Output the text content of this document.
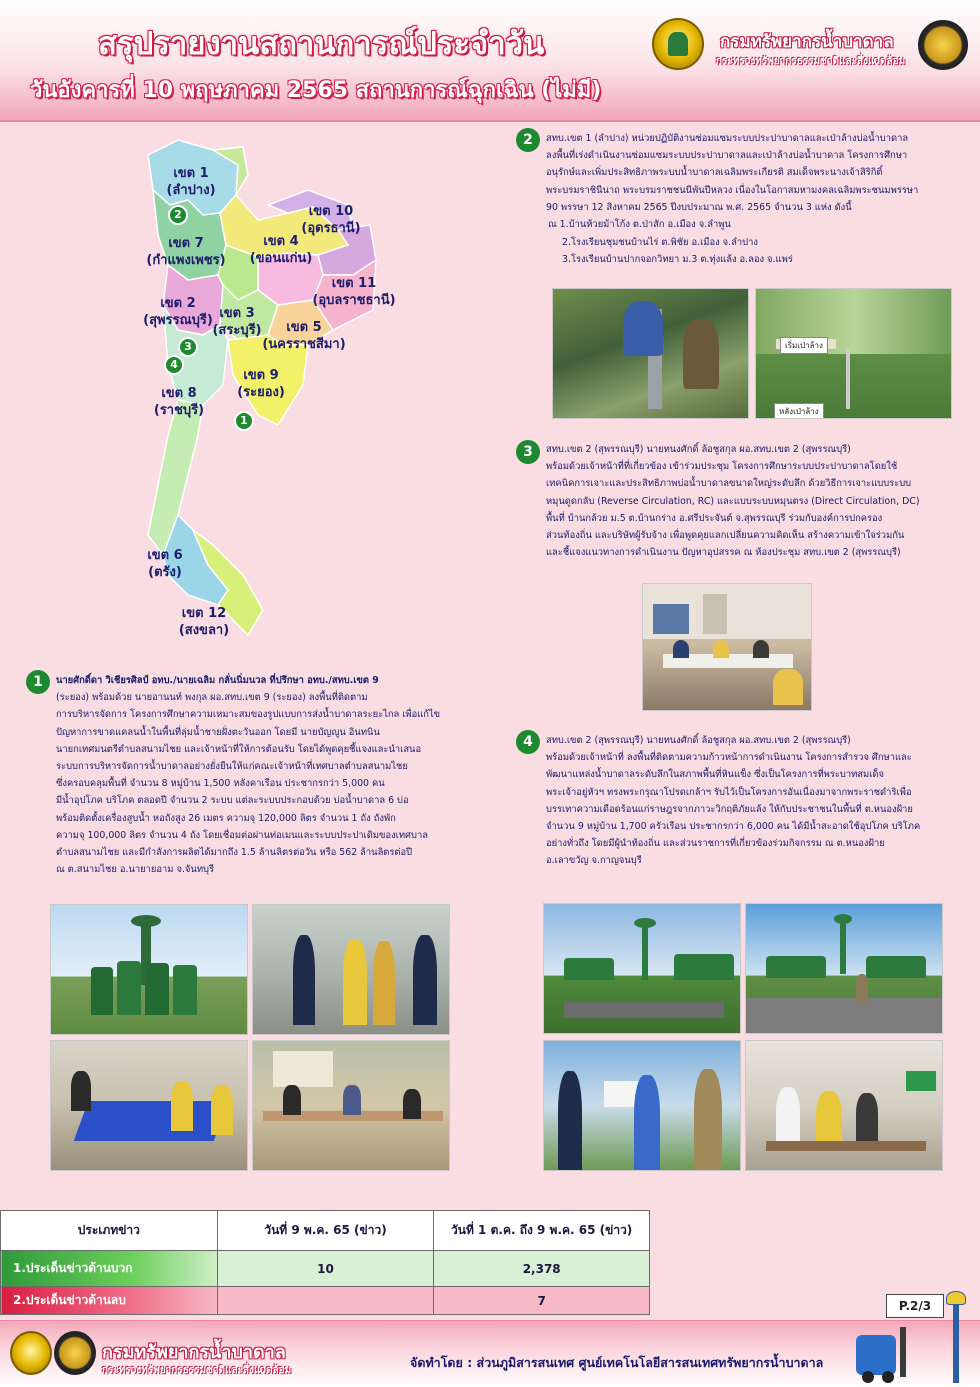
สรุปรายงานสถานการณ์ประจำวัน
วันอังคารที่ 10 พฤษภาคม 2565 สถานการณ์ฉุกเฉิน (ไม่มี)
กรมทรัพยากรน้ำบาดาล
กระทรวงทรัพยากรธรรมชาติและสิ่งแวดล้อม
เขต 1
(ลำปาง)
เขต 10
(อุดรธานี)
เขต 7
(กำแพงเพชร)
เขต 4
(ขอนแก่น)
เขต 11
(อุบลราชธานี)
เขต 2
(สุพรรณบุรี) เขต 3
(สระบุรี)	เขต 5
(นครราชสีมา)
เขต 9
(ระยอง)
เขต 8
(ราชบุรี)
เขต 6
(ตรัง)
เขต 12
(สงขลา)
2
3
4
1
2	สทบ.เขต 1 (ลำปาง) หน่วยปฏิบัติงานซ่อมแซมระบบประปาบาดาลและเป่าล้างบ่อน้ำบาดาล
ลงพื้นที่เร่งดำเนินงานซ่อมแซมระบบประปาบาดาลและเป่าล้างบ่อน้ำบาดาล โครงการศึกษา
อนุรักษ์และเพิ่มประสิทธิภาพระบบน้ำบาดาลเฉลิมพระเกียรติ สมเด็จพระนางเจ้าสิริกิติ์
พระบรมราชินีนาถ พระบรมราชชนนีพันปีหลวง เนื่องในโอกาสมหามงคลเฉลิมพระชนมพรรษา
90 พรรษา 12 สิงหาคม 2565 ปีงบประมาณ พ.ศ. 2565 จำนวน 3 แห่ง ดังนี้
ณ 1.บ้านห้วยม้าโก้ง ต.ป่าสัก อ.เมือง จ.ลำพูน
2.โรงเรียนชุมชนบ้านไร่ ต.พิชัย อ.เมือง จ.ลำปาง
3.โรงเรียนบ้านปากจอกวิทยา ม.3 ต.ทุ่งแล้ง อ.ลอง จ.แพร่
เริ่มเป่าล้าง
หลังเป่าล้าง
3	สทบ.เขต 2 (สุพรรณบุรี) นายทนงศักดิ์ ล้อชูสกุล ผอ.สทบ.เขต 2 (สุพรรณบุรี)
พร้อมด้วยเจ้าหน้าที่ที่เกี่ยวข้อง เข้าร่วมประชุม โครงการศึกษาระบบประปาบาดาลโดยใช้
เทคนิคการเจาะและประสิทธิภาพบ่อน้ำบาดาลขนาดใหญ่ระดับลึก ด้วยวิธีการเจาะแบบระบบ
หมุนดูดกลับ (Reverse Circulation, RC) และแบบระบบหมุนตรง (Direct Circulation, DC)
พื้นที่ บ้านกล้วย ม.5 ต.บ้านกร่าง อ.ศรีประจันต์ จ.สุพรรณบุรี ร่วมกับองค์การปกครอง
ส่วนท้องถิ่น และบริษัทผู้รับจ้าง เพื่อพูดคุยแลกเปลี่ยนความคิดเห็น สร้างความเข้าใจร่วมกัน
และชี้แจงแนวทางการดำเนินงาน ปัญหาอุปสรรค ณ ห้องประชุม สทบ.เขต 2 (สุพรรณบุรี)
1	นายศักดิ์ดา วิเชียรศิลป์ อทบ./นายเฉลิม กลั่นนิ่มนวล ที่ปรึกษา อทบ./สทบ.เขต 9
(ระยอง) พร้อมด้วย นายอานนท์ พงกุล ผอ.สทบ.เขต 9 (ระยอง) ลงพื้นที่ติดตาม
การบริหารจัดการ โครงการศึกษาความเหมาะสมของรูปแบบการส่งน้ำบาดาลระยะไกล เพื่อแก้ไข
ปัญหาการขาดแคลนน้ำในพื้นที่ลุ่มน้ำชายฝั่งตะวันออก โดยมี นายบัญญูน อินทนิน
นายกเทศมนตรีตำบลสนามไชย และเจ้าหน้าที่ให้การต้อนรับ โดยได้พูดคุยชี้แจงและนำเสนอ
ระบบการบริหารจัดการน้ำบาดาลอย่างยั่งยืนให้แก่คณะเจ้าหน้าที่เทศบาลตำบลสนามไชย
ซึ่งครอบคลุมพื้นที่ จำนวน 8 หมู่บ้าน 1,500 หลังคาเรือน ประชากรกว่า 5,000 คน
มีน้ำอุปโภค บริโภค ตลอดปี จำนวน 2 ระบบ แต่ละระบบประกอบด้วย บ่อน้ำบาดาล 6 บ่อ
พร้อมติดตั้งเครื่องสูบน้ำ หอถังสูง 26 เมตร ความจุ 120,000 ลิตร จำนวน 1 ถัง ถังพัก
ความจุ 100,000 ลิตร จำนวน 4 ถัง โดยเชื่อมต่อผ่านท่อเมนและระบบประปาเดิมของเทศบาล
ตำบลสนามไชย และมีกำลังการผลิตได้มากถึง 1.5 ล้านลิตรต่อวัน หรือ 562 ล้านลิตรต่อปี
ณ ต.สนามไชย อ.นายายอาม จ.จันทบุรี
4	สทบ.เขต 2 (สุพรรณบุรี) นายทนงศักดิ์ ล้อชูสกุล ผอ.สทบ.เขต 2 (สุพรรณบุรี)
พร้อมด้วยเจ้าหน้าที่ ลงพื้นที่ติดตามความก้าวหน้าการดำเนินงาน โครงการสำรวจ ศึกษาและ
พัฒนาแหล่งน้ำบาดาลระดับลึกในสภาพพื้นที่หินแข็ง ซึ่งเป็นโครงการที่พระบาทสมเด็จ
พระเจ้าอยู่หัวฯ ทรงพระกรุณาโปรดเกล้าฯ รับไว้เป็นโครงการอันเนื่องมาจากพระราชดำริเพื่อ
บรรเทาความเดือดร้อนแก่ราษฎรจากภาวะวิกฤติภัยแล้ง ให้กับประชาชนในพื้นที่ ต.หนองฝ้าย
จำนวน 9 หมู่บ้าน 1,700 ครัวเรือน ประชากรกว่า 6,000 คน ได้มีน้ำสะอาดใช้อุปโภค บริโภค
อย่างทั่วถึง โดยมีผู้นำท้องถิ่น และส่วนราชการที่เกี่ยวข้องร่วมกิจกรรม ณ ต.หนองฝ้าย
อ.เลาขวัญ จ.กาญจนบุรี
ประเภทข่าว	วันที่ 9 พ.ค. 65 (ข่าว)	วันที่ 1 ต.ค. ถึง 9 พ.ค. 65 (ข่าว)
1.ประเด็นข่าวด้านบวก	10	2,378
2.ประเด็นข่าวด้านลบ		7	P.2/3
กรมทรัพยากรน้ำบาดาล
กระทรวงทรัพยากรธรรมชาติและสิ่งแวดล้อม
จัดทำโดย : ส่วนภูมิสารสนเทศ ศูนย์เทคโนโลยีสารสนเทศทรัพยากรน้ำบาดาล
